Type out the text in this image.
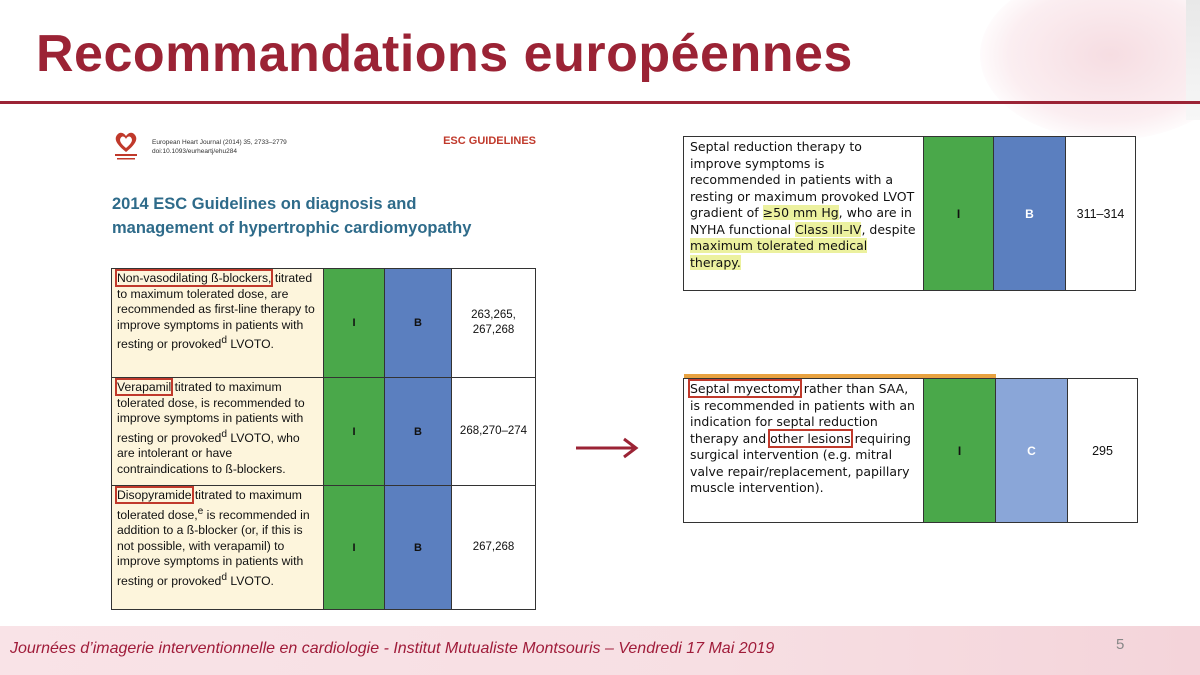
Recommandations européennes
European Heart Journal (2014) 35, 2733–2779
doi:10.1093/eurheartj/ehu284
ESC GUIDELINES
2014 ESC Guidelines on diagnosis and
management of hypertrophic cardiomyopathy
Non-vasodilating ß-blockers, titrated to maximum tolerated dose, are recommended as first-line therapy to improve symptoms in patients with resting or provoked$^d$ LVOTO.	I	B	263,265, 267,268
Verapamil titrated to maximum tolerated dose, is recommended to improve symptoms in patients with resting or provoked$^d$ LVOTO, who are intolerant or have contraindications to ß-blockers.	I	B	268,270–274
Disopyramide titrated to maximum tolerated dose,$^e$ is recommended in addition to a ß-blocker (or, if this is not possible, with verapamil) to improve symptoms in patients with resting or provoked$^d$ LVOTO.	I	B	267,268
Septal reduction therapy to improve symptoms is recommended in patients with a resting or maximum provoked LVOT gradient of ≥50 mm Hg, who are in NYHA functional Class III–IV, despite maximum tolerated medical therapy.	I	B	311–314

Septal myectomy rather than SAA, is recommended in patients with an indication for septal reduction therapy and other lesions requiring surgical intervention (e.g. mitral valve repair/replacement, papillary muscle intervention).	I	C	295
Journées d’imagerie interventionnelle en cardiologie - Institut Mutualiste Montsouris – Vendredi 17 Mai 2019	5
